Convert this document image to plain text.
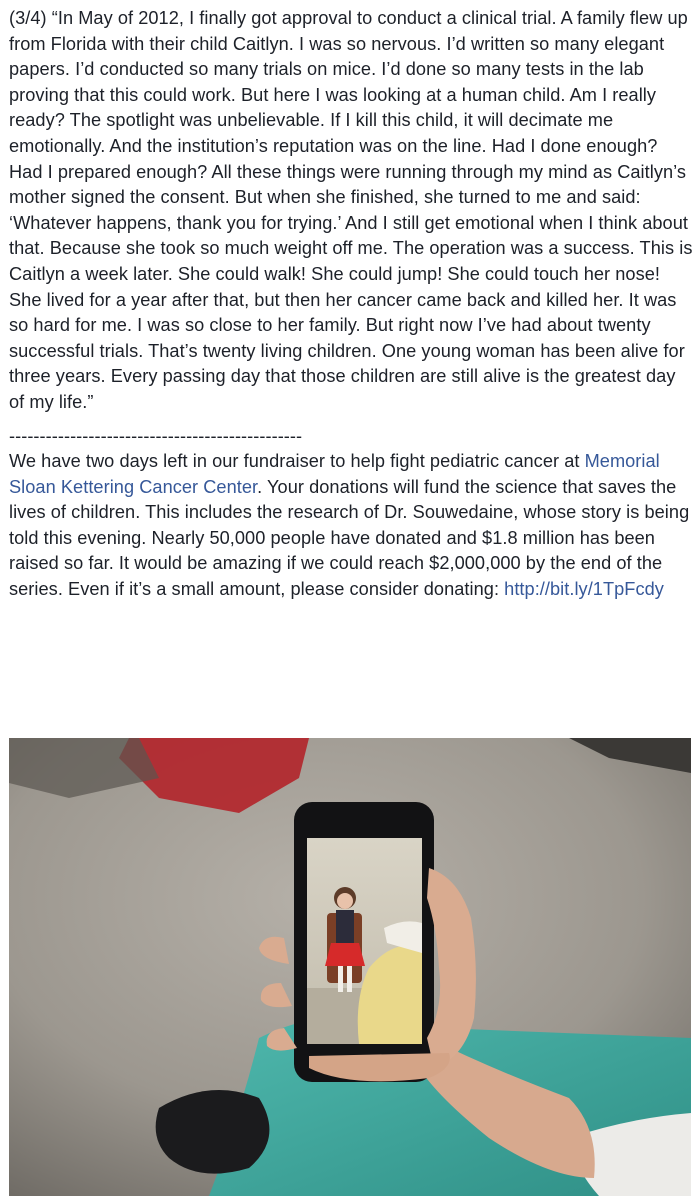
(3/4) “In May of 2012, I finally got approval to conduct a clinical trial. A family flew up from Florida with their child Caitlyn. I was so nervous. I’d written so many elegant papers. I’d conducted so many trials on mice. I’d done so many tests in the lab proving that this could work. But here I was looking at a human child. Am I really ready? The spotlight was unbelievable. If I kill this child, it will decimate me emotionally. And the institution’s reputation was on the line. Had I done enough? Had I prepared enough? All these things were running through my mind as Caitlyn’s mother signed the consent. But when she finished, she turned to me and said: ‘Whatever happens, thank you for trying.’ And I still get emotional when I think about that. Because she took so much weight off me. The operation was a success. This is Caitlyn a week later. She could walk! She could jump! She could touch her nose! She lived for a year after that, but then her cancer came back and killed her. It was so hard for me. I was so close to her family. But right now I’ve had about twenty successful trials. That’s twenty living children. One young woman has been alive for three years. Every passing day that those children are still alive is the greatest day of my life.”

------------------------------------------------

We have two days left in our fundraiser to help fight pediatric cancer at Memorial Sloan Kettering Cancer Center. Your donations will fund the science that saves the lives of children. This includes the research of Dr. Souwedaine, whose story is being told this evening. Nearly 50,000 people have donated and $1.8 million has been raised so far. It would be amazing if we could reach $2,000,000 by the end of the series. Even if it’s a small amount, please consider donating: http://bit.ly/1TpFcdy
